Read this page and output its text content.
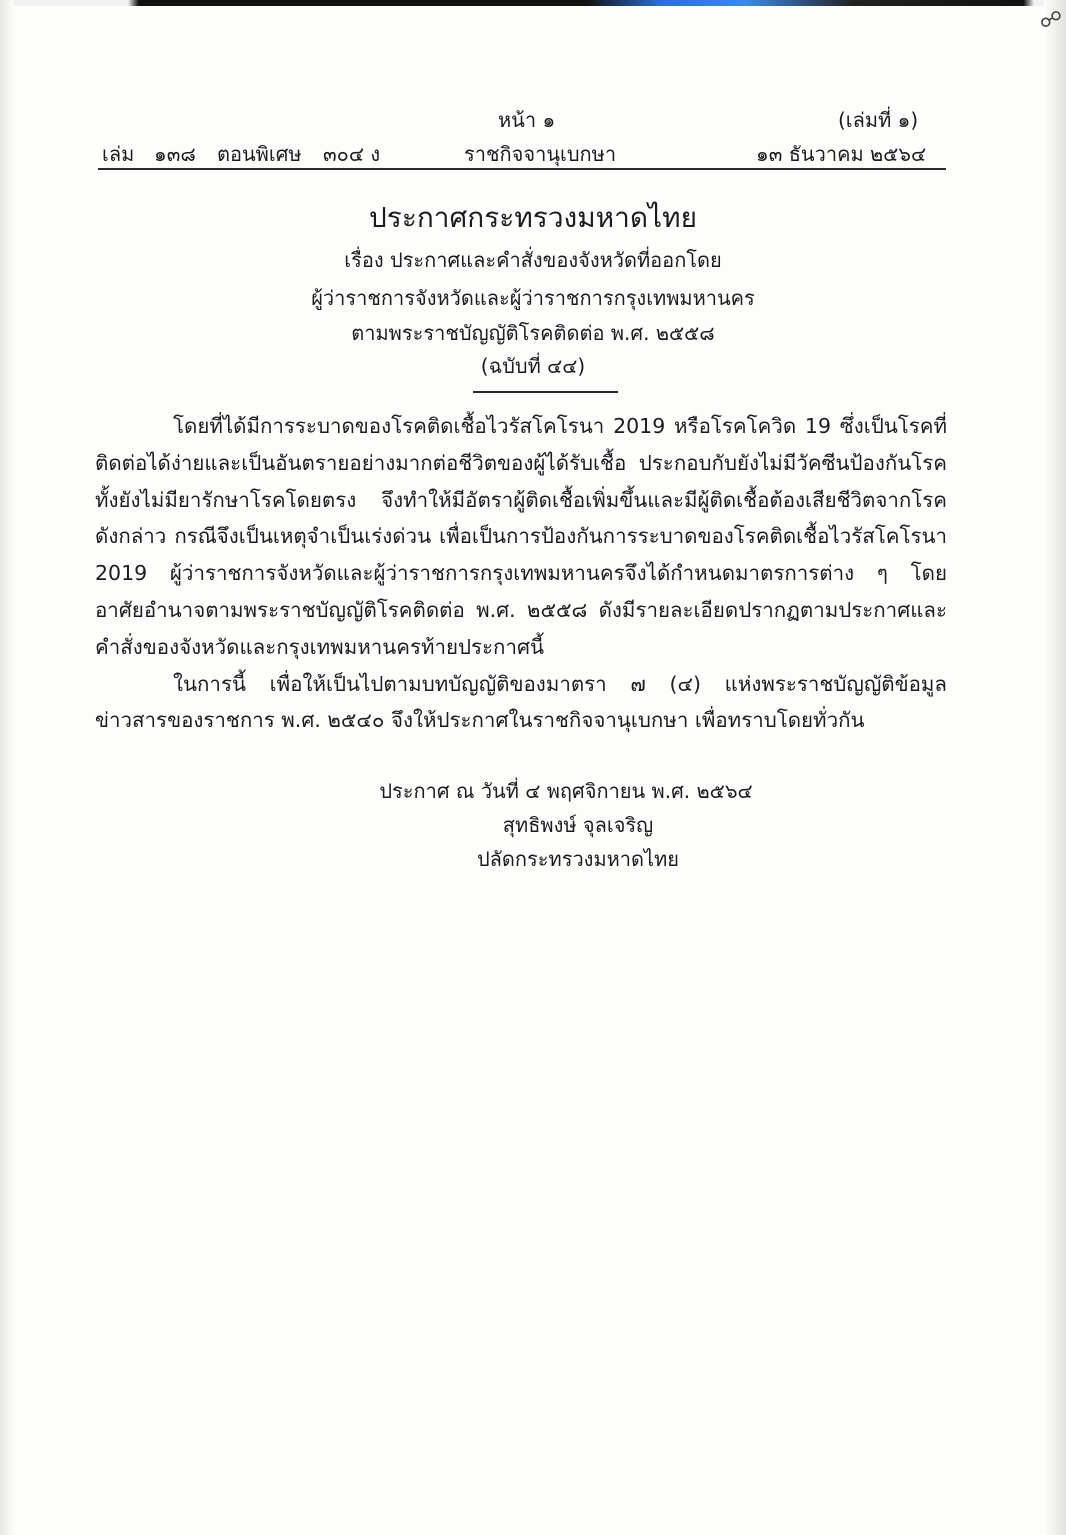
☍
หน้า ๑	(เล่มที่ ๑)
เล่ม ๑๓๘ ตอนพิเศษ ๓๐๔ ง	ราชกิจจานุเบกษา	๑๓ ธันวาคม ๒๕๖๔
ประกาศกระทรวงมหาดไทย
เรื่อง ประกาศและคำสั่งของจังหวัดที่ออกโดย
ผู้ว่าราชการจังหวัดและผู้ว่าราชการกรุงเทพมหานคร
ตามพระราชบัญญัติโรคติดต่อ พ.ศ. ๒๕๕๘
(ฉบับที่ ๔๔)

โดยที่ได้มีการระบาดของโรคติดเชื้อไวรัสโคโรนา 2019 หรือโรคโควิด 19 ซึ่งเป็นโรคที่ติดต่อได้ง่ายและเป็นอันตรายอย่างมากต่อชีวิตของผู้ได้รับเชื้อ ประกอบกับยังไม่มีวัคซีนป้องกันโรค ทั้งยังไม่มียารักษาโรคโดยตรง จึงทำให้มีอัตราผู้ติดเชื้อเพิ่มขึ้นและมีผู้ติดเชื้อต้องเสียชีวิตจากโรคดังกล่าว กรณีจึงเป็นเหตุจำเป็นเร่งด่วน เพื่อเป็นการป้องกันการระบาดของโรคติดเชื้อไวรัสโคโรนา 2019 ผู้ว่าราชการจังหวัดและผู้ว่าราชการกรุงเทพมหานครจึงได้กำหนดมาตรการต่าง ๆ โดยอาศัยอำนาจตามพระราชบัญญัติโรคติดต่อ พ.ศ. ๒๕๕๘ ดังมีรายละเอียดปรากฏตามประกาศและคำสั่งของจังหวัดและกรุงเทพมหานครท้ายประกาศนี้

ในการนี้ เพื่อให้เป็นไปตามบทบัญญัติของมาตรา ๗ (๔) แห่งพระราชบัญญัติข้อมูลข่าวสารของราชการ พ.ศ. ๒๕๔๐ จึงให้ประกาศในราชกิจจานุเบกษา เพื่อทราบโดยทั่วกัน

ประกาศ ณ วันที่ ๔ พฤศจิกายน พ.ศ. ๒๕๖๔
สุทธิพงษ์ จุลเจริญ
ปลัดกระทรวงมหาดไทย
